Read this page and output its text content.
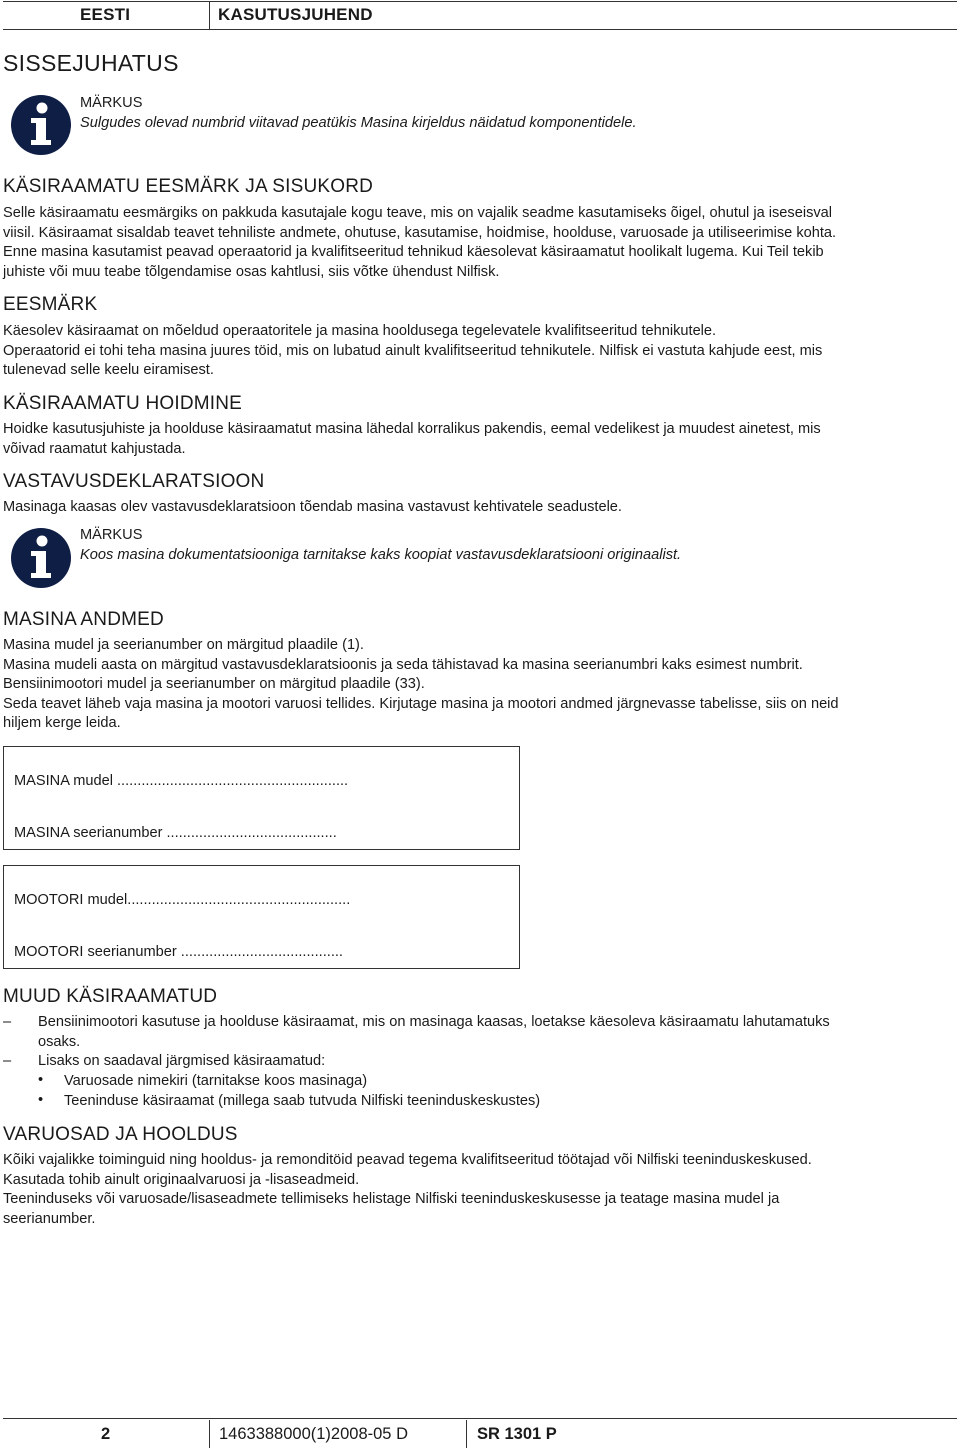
EESTI	KASUTUSJUHEND
SISSEJUHATUS
MÄRKUS
Sulgudes olevad numbrid viitavad peatükis Masina kirjeldus näidatud komponentidele.
KÄSIRAAMATU EESMÄRK JA SISUKORD

Selle käsiraamatu eesmärgiks on pakkuda kasutajale kogu teave, mis on vajalik seadme kasutamiseks õigel, ohutul ja iseseisval

viisil. Käsiraamat sisaldab teavet tehniliste andmete, ohutuse, kasutamise, hoidmise, hoolduse, varuosade ja utiliseerimise kohta.

Enne masina kasutamist peavad operaatorid ja kvalifitseeritud tehnikud käesolevat käsiraamatut hoolikalt lugema. Kui Teil tekib

juhiste või muu teabe tõlgendamise osas kahtlusi, siis võtke ühendust Nilfisk.

EESMÄRK

Käesolev käsiraamat on mõeldud operaatoritele ja masina hooldusega tegelevatele kvalifitseeritud tehnikutele.

Operaatorid ei tohi teha masina juures töid, mis on lubatud ainult kvalifitseeritud tehnikutele. Nilfisk ei vastuta kahjude eest, mis

tulenevad selle keelu eiramisest.

KÄSIRAAMATU HOIDMINE

Hoidke kasutusjuhiste ja hoolduse käsiraamatut masina lähedal korralikus pakendis, eemal vedelikest ja muudest ainetest, mis

võivad raamatut kahjustada.

VASTAVUSDEKLARATSIOON
Masinaga kaasas olev vastavusdeklaratsioon tõendab masina vastavust kehtivatele seadustele.
MÄRKUS
Koos masina dokumentatsiooniga tarnitakse kaks koopiat vastavusdeklaratsiooni originaalist.
MASINA ANDMED

Masina mudel ja seerianumber on märgitud plaadile (1).

Masina mudeli aasta on märgitud vastavusdeklaratsioonis ja seda tähistavad ka masina seerianumbri kaks esimest numbrit.

Bensiinimootori mudel ja seerianumber on märgitud plaadile (33).

Seda teavet läheb vaja masina ja mootori varuosi tellides. Kirjutage masina ja mootori andmed järgnevasse tabelisse, siis on neid

hiljem kerge leida.

MASINA mudel .........................................................
MASINA seerianumber ..........................................
MOOTORI mudel.......................................................
MOOTORI seerianumber ........................................
MUUD KÄSIRAAMATUD
– Bensiinimootori kasutuse ja hoolduse käsiraamat, mis on masinaga kaasas, loetakse käesoleva käsiraamatu lahutamatuks
osaks.
– Lisaks on saadaval järgmised käsiraamatud:
• Varuosade nimekiri (tarnitakse koos masinaga)
• Teeninduse käsiraamat (millega saab tutvuda Nilfiski teeninduskeskustes)
VARUOSAD JA HOOLDUS

Kõiki vajalikke toiminguid ning hooldus- ja remonditöid peavad tegema kvalifitseeritud töötajad või Nilfiski teeninduskeskused.

Kasutada tohib ainult originaalvaruosi ja -lisaseadmeid.

Teeninduseks või varuosade/lisaseadmete tellimiseks helistage Nilfiski teeninduskeskusesse ja teatage masina mudel ja

seerianumber.

2	1463388000(1)2008-05 D	SR 1301 P
